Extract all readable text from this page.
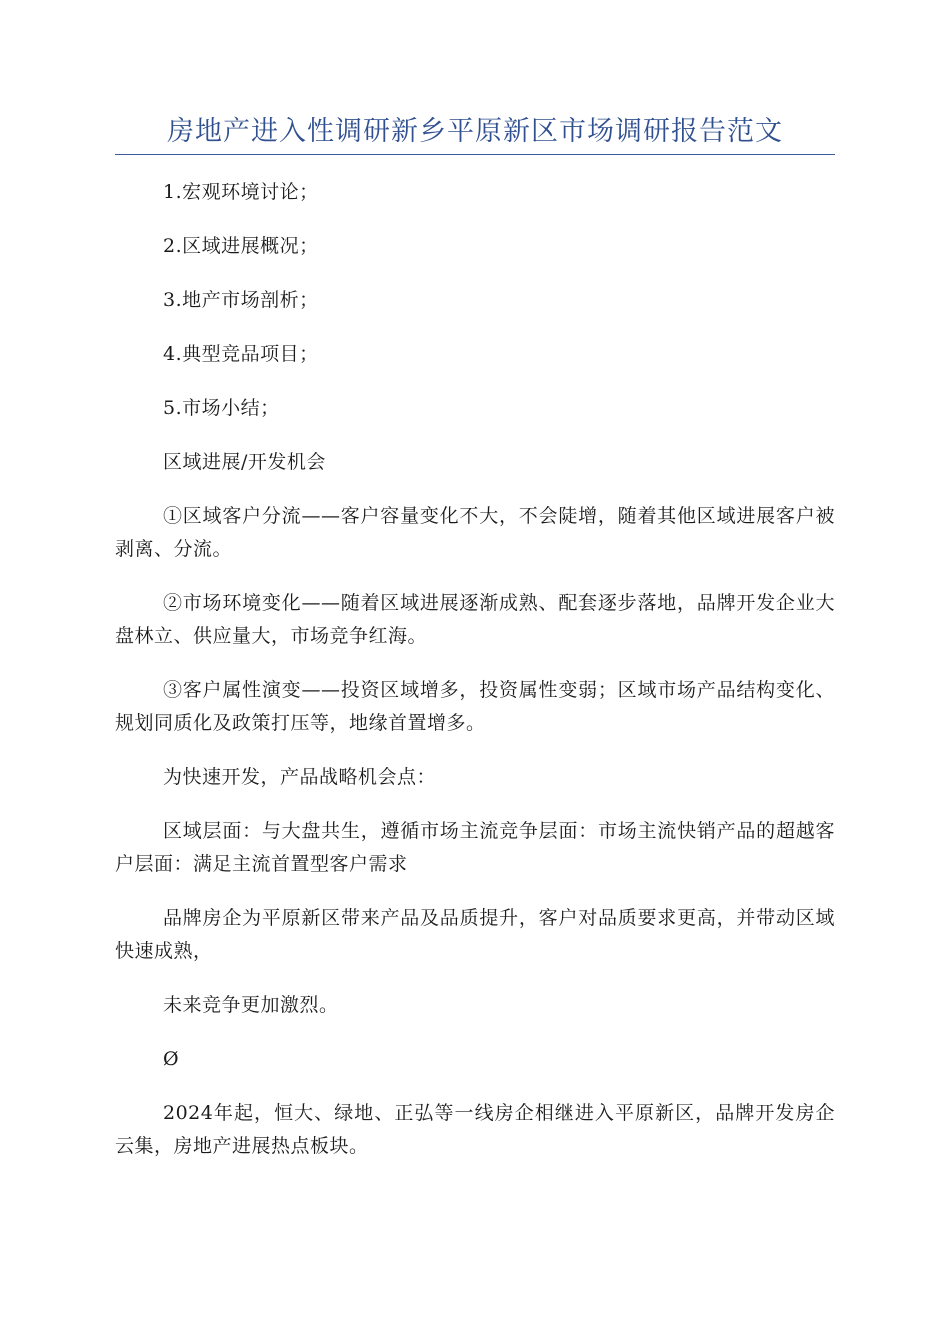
房地产进入性调研新乡平原新区市场调研报告范文

1.宏观环境讨论；

2.区域进展概况；

3.地产市场剖析；

4.典型竞品项目；

5.市场小结；

区域进展/开发机会

①区域客户分流——客户容量变化不大，不会陡增，随着其他区域进展客户被剥离、分流。

②市场环境变化——随着区域进展逐渐成熟、配套逐步落地，品牌开发企业大盘林立、供应量大，市场竞争红海。

③客户属性演变——投资区域增多，投资属性变弱；区域市场产品结构变化、规划同质化及政策打压等，地缘首置增多。

为快速开发，产品战略机会点：

区域层面：与大盘共生，遵循市场主流竞争层面：市场主流快销产品的超越客户层面：满足主流首置型客户需求

品牌房企为平原新区带来产品及品质提升，客户对品质要求更高，并带动区域快速成熟，

未来竞争更加激烈。

Ø

2024年起，恒大、绿地、正弘等一线房企相继进入平原新区，品牌开发房企云集，房地产进展热点板块。
